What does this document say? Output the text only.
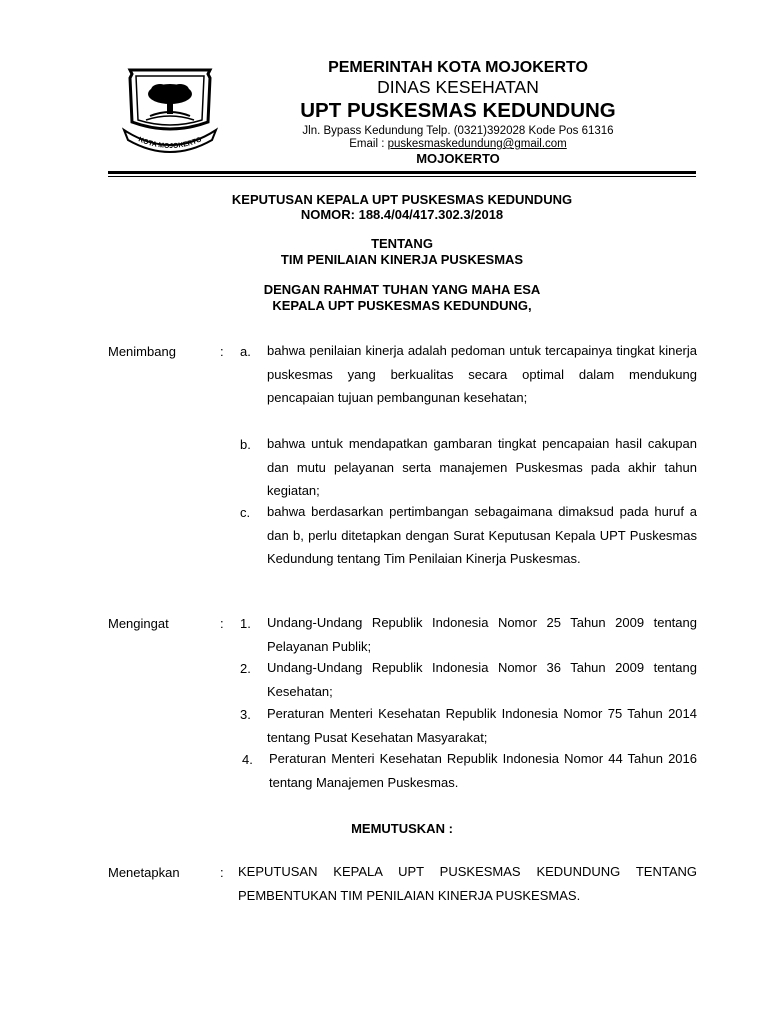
KOTA MOJOKERTO
PEMERINTAH KOTA MOJOKERTO
DINAS KESEHATAN
UPT PUSKESMAS KEDUNDUNG
Jln. Bypass Kedundung Telp. (0321)392028 Kode Pos 61316
Email : puskesmaskedundung@gmail.com
MOJOKERTO
KEPUTUSAN KEPALA UPT PUSKESMAS KEDUNDUNG
NOMOR: 188.4/04/417.302.3/2018
TENTANG
TIM PENILAIAN KINERJA PUSKESMAS
DENGAN RAHMAT TUHAN YANG MAHA ESA
KEPALA UPT PUSKESMAS KEDUNDUNG,
Menimbang	: a. bahwa penilaian kinerja adalah pedoman untuk tercapainya tingkat kinerja puskesmas yang berkualitas secara optimal dalam mendukung pencapaian tujuan pembangunan kesehatan;
b. bahwa untuk mendapatkan gambaran tingkat pencapaian hasil cakupan dan mutu pelayanan serta manajemen Puskesmas pada akhir tahun kegiatan;
c. bahwa berdasarkan pertimbangan sebagaimana dimaksud pada huruf a dan b, perlu ditetapkan dengan Surat Keputusan Kepala UPT Puskesmas Kedundung tentang Tim Penilaian Kinerja Puskesmas.
Mengingat	: 1. Undang-Undang Republik Indonesia Nomor 25 Tahun 2009 tentang Pelayanan Publik;
2. Undang-Undang Republik Indonesia Nomor 36 Tahun 2009 tentang Kesehatan;
3. Peraturan Menteri Kesehatan Republik Indonesia Nomor 75 Tahun 2014 tentang Pusat Kesehatan Masyarakat;
4. Peraturan Menteri Kesehatan Republik Indonesia Nomor 44 Tahun 2016 tentang Manajemen Puskesmas.
MEMUTUSKAN :
Menetapkan	: KEPUTUSAN KEPALA UPT PUSKESMAS KEDUNDUNG TENTANG PEMBENTUKAN TIM PENILAIAN KINERJA PUSKESMAS.
